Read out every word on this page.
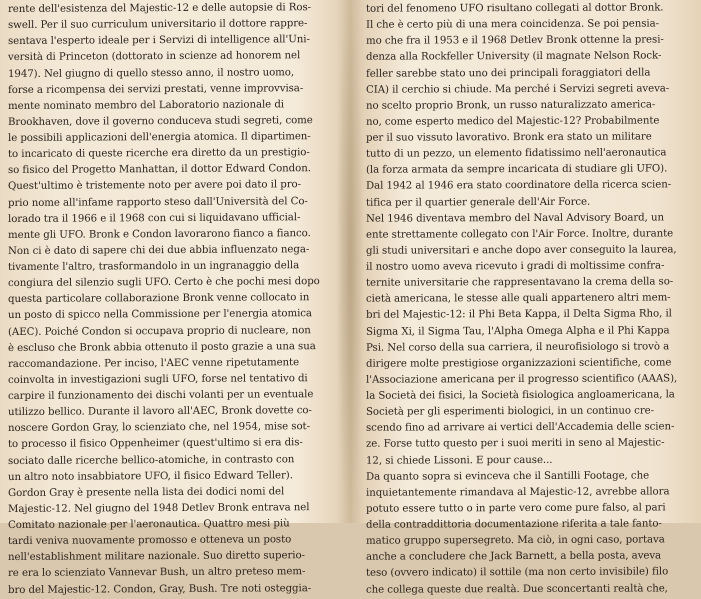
rente dell'esistenza del Majestic-12 e delle autopsie di Ros-
swell. Per il suo curriculum universitario il dottore rappre-
sentava l'esperto ideale per i Servizi di intelligence all'Uni-
versità di Princeton (dottorato in scienze ad honorem nel
1947). Nel giugno di quello stesso anno, il nostro uomo,
forse a ricompensa dei servizi prestati, venne improvvisa-
mente nominato membro del Laboratorio nazionale di
Brookhaven, dove il governo conduceva studi segreti, come
le possibili applicazioni dell'energia atomica. Il dipartimen-
to incaricato di queste ricerche era diretto da un prestigio-
so fisico del Progetto Manhattan, il dottor Edward Condon.
Quest'ultimo è tristemente noto per avere poi dato il pro-
prio nome all'infame rapporto steso dall'Università del Co-
lorado tra il 1966 e il 1968 con cui si liquidavano ufficial-
mente gli UFO. Bronk e Condon lavorarono fianco a fianco.
Non ci è dato di sapere chi dei due abbia influenzato nega-
tivamente l'altro, trasformandolo in un ingranaggio della
congiura del silenzio sugli UFO. Certo è che pochi mesi dopo
questa particolare collaborazione Bronk venne collocato in
un posto di spicco nella Commissione per l'energia atomica
(AEC). Poiché Condon si occupava proprio di nucleare, non
è escluso che Bronk abbia ottenuto il posto grazie a una sua
raccomandazione. Per inciso, l'AEC venne ripetutamente
coinvolta in investigazioni sugli UFO, forse nel tentativo di
carpire il funzionamento dei dischi volanti per un eventuale
utilizzo bellico. Durante il lavoro all'AEC, Bronk dovette co-
noscere Gordon Gray, lo scienziato che, nel 1954, mise sot-
to processo il fisico Oppenheimer (quest'ultimo si era dis-
sociato dalle ricerche bellico-atomiche, in contrasto con
un altro noto insabbiatore UFO, il fisico Edward Teller).
Gordon Gray è presente nella lista dei dodici nomi del
Majestic-12. Nel giugno del 1948 Detlev Bronk entrava nel
Comitato nazionale per l'aeronautica. Quattro mesi più
tardi veniva nuovamente promosso e otteneva un posto
nell'establishment militare nazionale. Suo diretto superio-
re era lo scienziato Vannevar Bush, un altro preteso mem-
bro del Majestic-12. Condon, Gray, Bush. Tre noti osteggia-
tori del fenomeno UFO risultano collegati al dottor Bronk.
Il che è certo più di una mera coincidenza. Se poi pensia-
mo che fra il 1953 e il 1968 Detlev Bronk ottenne la presi-
denza alla Rockfeller University (il magnate Nelson Rock-
feller sarebbe stato uno dei principali foraggiatori della
CIA) il cerchio si chiude. Ma perché i Servizi segreti aveva-
no scelto proprio Bronk, un russo naturalizzato america-
no, come esperto medico del Majestic-12? Probabilmente
per il suo vissuto lavorativo. Bronk era stato un militare
tutto di un pezzo, un elemento fidatissimo nell'aeronautica
(la forza armata da sempre incaricata di studiare gli UFO).
Dal 1942 al 1946 era stato coordinatore della ricerca scien-
tifica per il quartier generale dell'Air Force.
Nel 1946 diventava membro del Naval Advisory Board, un
ente strettamente collegato con l'Air Force. Inoltre, durante
gli studi universitari e anche dopo aver conseguito la laurea,
il nostro uomo aveva ricevuto i gradi di moltissime confra-
ternite universitarie che rappresentavano la crema della so-
cietà americana, le stesse alle quali appartenero altri mem-
bri del Majestic-12: il Phi Beta Kappa, il Delta Sigma Rho, il
Sigma Xi, il Sigma Tau, l'Alpha Omega Alpha e il Phi Kappa
Psi. Nel corso della sua carriera, il neurofisiologo si trovò a
dirigere molte prestigiose organizzazioni scientifiche, come
l'Associazione americana per il progresso scientifico (AAAS),
la Società dei fisici, la Società fisiologica angloamericana, la
Società per gli esperimenti biologici, in un continuo cre-
scendo fino ad arrivare ai vertici dell'Accademia delle scien-
ze. Forse tutto questo per i suoi meriti in seno al Majestic-
12, si chiede Lissoni. E pour cause...
Da quanto sopra si evinceva che il Santilli Footage, che
inquietantemente rimandava al Majestic-12, avrebbe allora
potuto essere tutto o in parte vero come pure falso, al pari
della contraddittoria documentazione riferita a tale fanto-
matico gruppo supersegreto. Ma ciò, in ogni caso, portava
anche a concludere che Jack Barnett, a bella posta, aveva
teso (ovvero indicato) il sottile (ma non certo invisibile) filo
che collega queste due realtà. Due sconcertanti realtà che,
